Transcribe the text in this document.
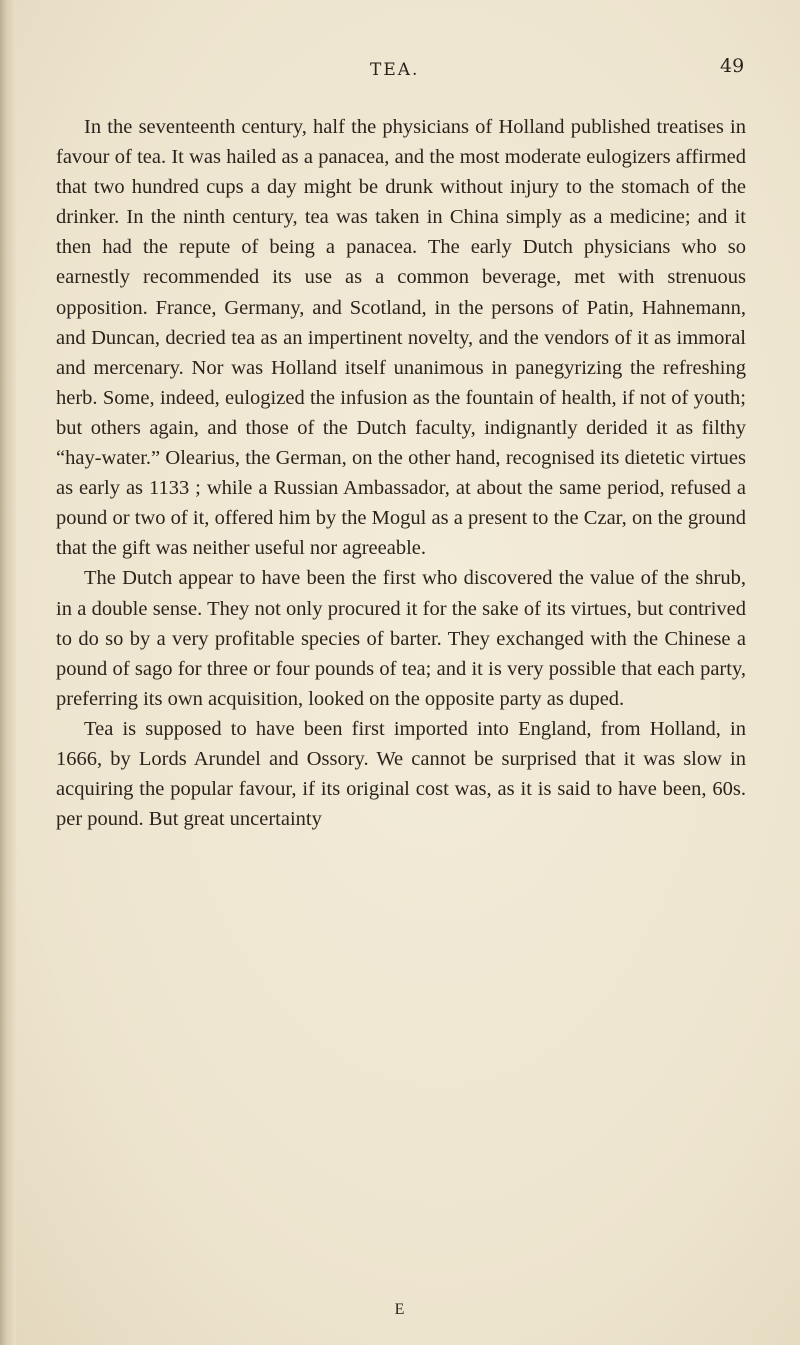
TEA.	49

In the seventeenth century, half the physicians of Holland published treatises in favour of tea. It was hailed as a panacea, and the most moderate eulogizers affirmed that two hundred cups a day might be drunk without injury to the stomach of the drinker. In the ninth century, tea was taken in China simply as a medicine; and it then had the repute of being a panacea. The early Dutch physicians who so earnestly recommended its use as a common beverage, met with strenuous opposition. France, Germany, and Scotland, in the persons of Patin, Hahnemann, and Duncan, decried tea as an impertinent novelty, and the vendors of it as immoral and mercenary. Nor was Holland itself unanimous in panegyrizing the refreshing herb. Some, indeed, eulogized the infusion as the fountain of health, if not of youth; but others again, and those of the Dutch faculty, indignantly derided it as filthy “hay-water.” Olearius, the German, on the other hand, recognised its dietetic virtues as early as 1133 ; while a Russian Ambassador, at about the same period, refused a pound or two of it, offered him by the Mogul as a present to the Czar, on the ground that the gift was neither useful nor agreeable.

The Dutch appear to have been the first who discovered the value of the shrub, in a double sense. They not only procured it for the sake of its virtues, but contrived to do so by a very profitable species of barter. They exchanged with the Chinese a pound of sago for three or four pounds of tea; and it is very possible that each party, preferring its own acquisition, looked on the opposite party as duped.

Tea is supposed to have been first imported into England, from Holland, in 1666, by Lords Arundel and Ossory. We cannot be surprised that it was slow in acquiring the popular favour, if its original cost was, as it is said to have been, 60s. per pound. But great uncertainty

E
